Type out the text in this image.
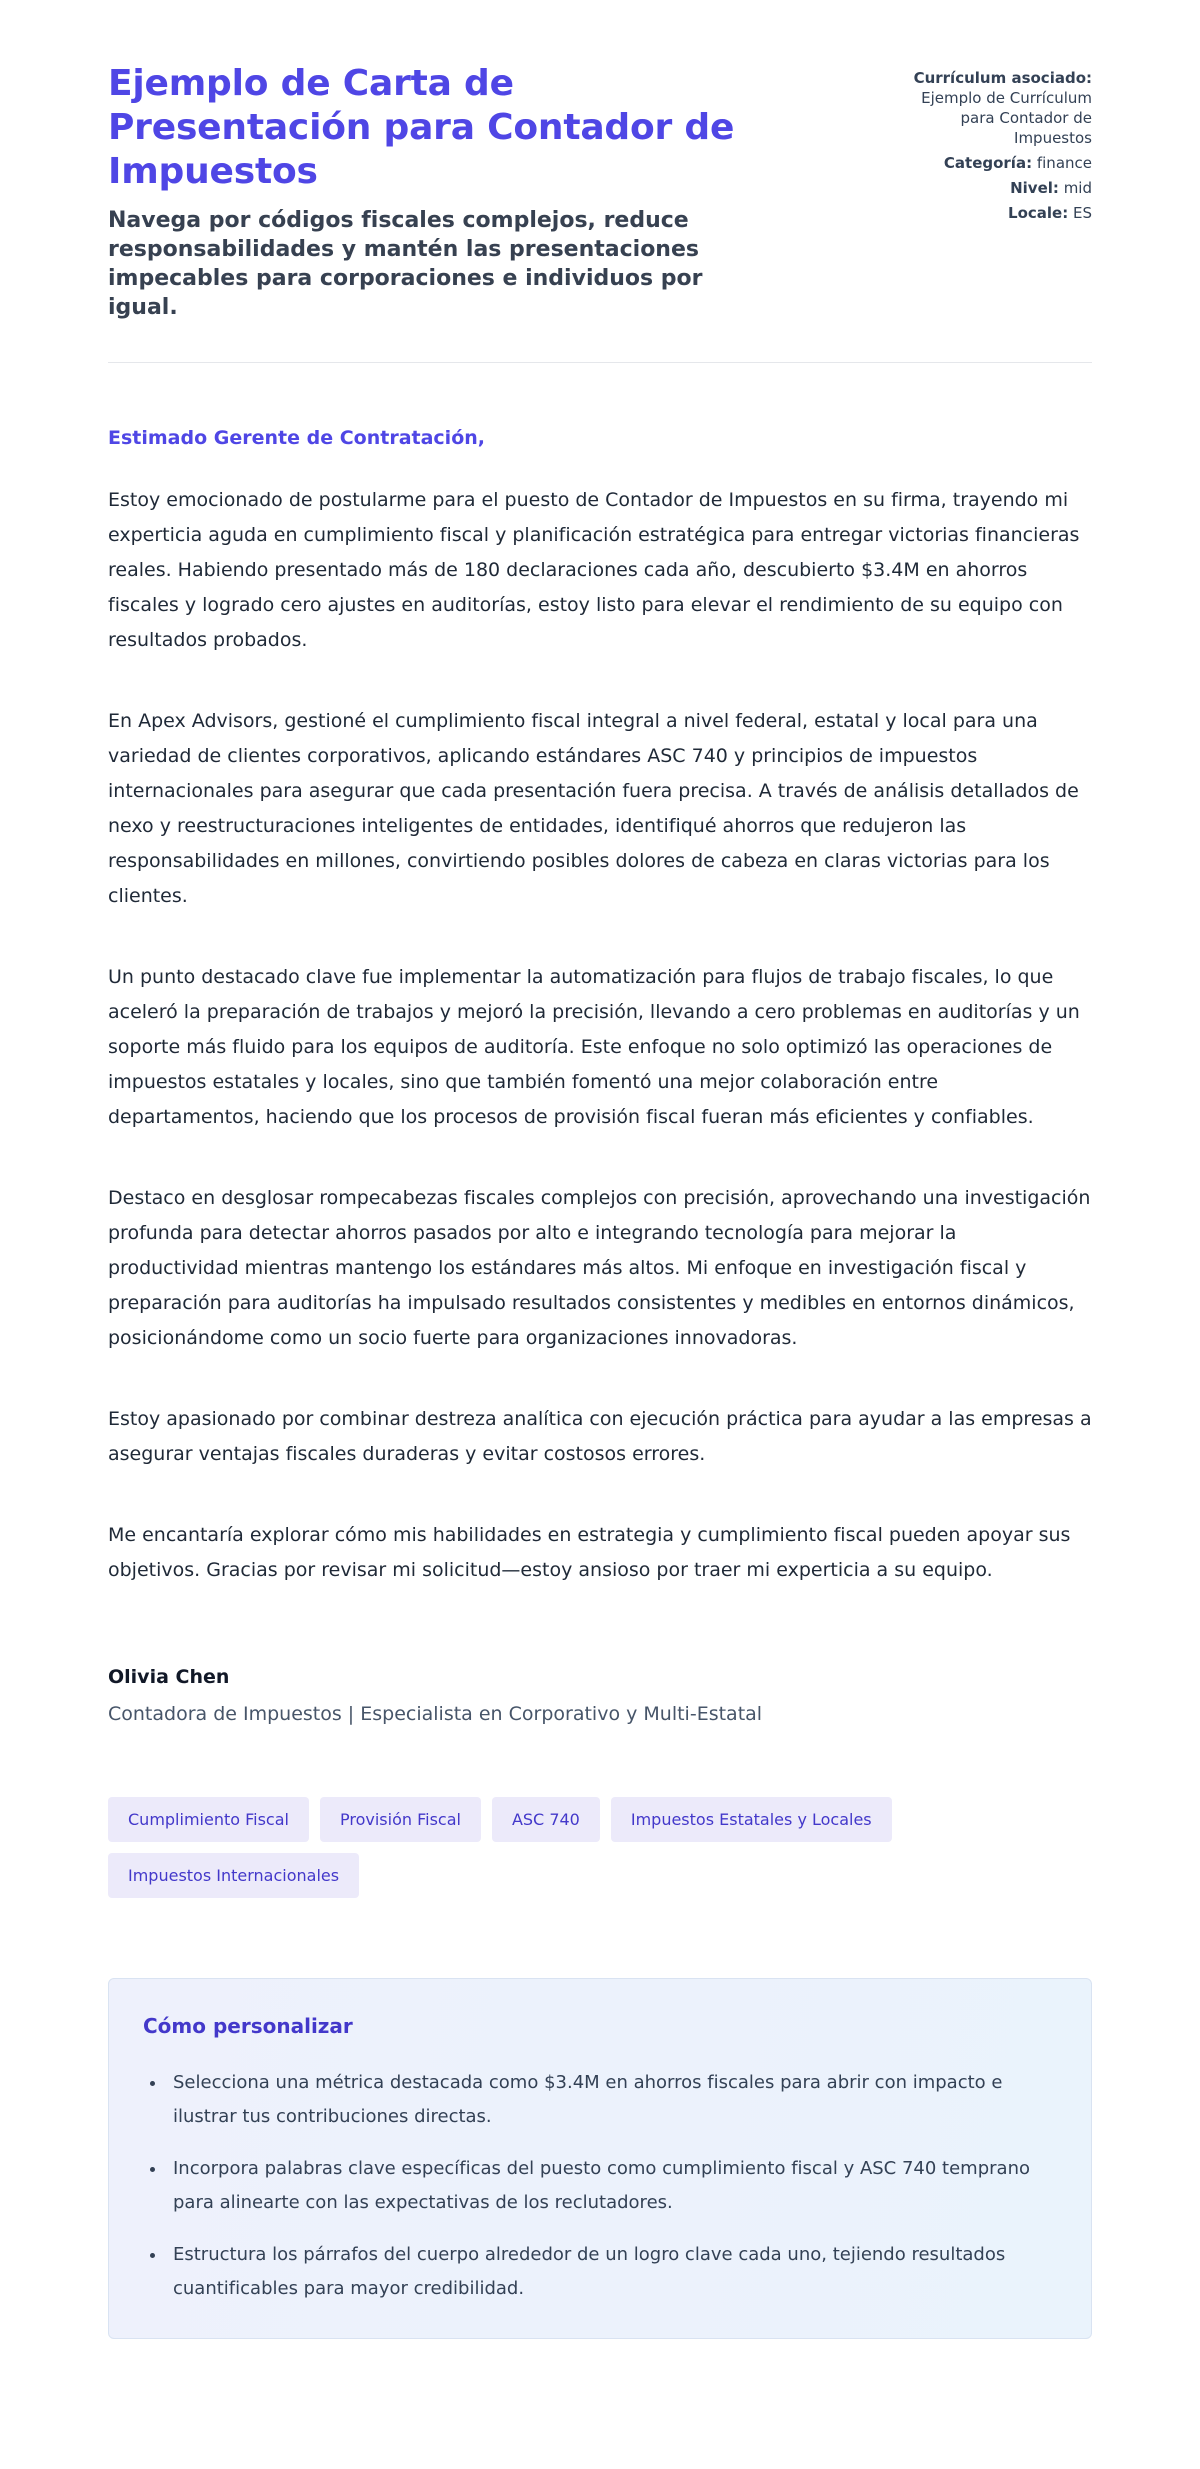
Ejemplo de Carta de Presentación para Contador de Impuestos

Navega por códigos fiscales complejos, reduce responsabilidades y mantén las presentaciones impecables para corporaciones e individuos por igual.

Currículum asociado:
Ejemplo de Currículum para Contador de Impuestos
Categoría: finance
Nivel: mid
Locale: ES

Estimado Gerente de Contratación,

Estoy emocionado de postularme para el puesto de Contador de Impuestos en su firma, trayendo mi experticia aguda en cumplimiento fiscal y planificación estratégica para entregar victorias financieras reales. Habiendo presentado más de 180 declaraciones cada año, descubierto $3.4M en ahorros fiscales y logrado cero ajustes en auditorías, estoy listo para elevar el rendimiento de su equipo con resultados probados.

En Apex Advisors, gestioné el cumplimiento fiscal integral a nivel federal, estatal y local para una variedad de clientes corporativos, aplicando estándares ASC 740 y principios de impuestos internacionales para asegurar que cada presentación fuera precisa. A través de análisis detallados de nexo y reestructuraciones inteligentes de entidades, identifiqué ahorros que redujeron las responsabilidades en millones, convirtiendo posibles dolores de cabeza en claras victorias para los clientes.

Un punto destacado clave fue implementar la automatización para flujos de trabajo fiscales, lo que aceleró la preparación de trabajos y mejoró la precisión, llevando a cero problemas en auditorías y un soporte más fluido para los equipos de auditoría. Este enfoque no solo optimizó las operaciones de impuestos estatales y locales, sino que también fomentó una mejor colaboración entre departamentos, haciendo que los procesos de provisión fiscal fueran más eficientes y confiables.

Destaco en desglosar rompecabezas fiscales complejos con precisión, aprovechando una investigación profunda para detectar ahorros pasados por alto e integrando tecnología para mejorar la productividad mientras mantengo los estándares más altos. Mi enfoque en investigación fiscal y preparación para auditorías ha impulsado resultados consistentes y medibles en entornos dinámicos, posicionándome como un socio fuerte para organizaciones innovadoras.

Estoy apasionado por combinar destreza analítica con ejecución práctica para ayudar a las empresas a asegurar ventajas fiscales duraderas y evitar costosos errores.

Me encantaría explorar cómo mis habilidades en estrategia y cumplimiento fiscal pueden apoyar sus objetivos. Gracias por revisar mi solicitud—estoy ansioso por traer mi experticia a su equipo.

Olivia Chen

Contadora de Impuestos | Especialista en Corporativo y Multi-Estatal

Cumplimiento Fiscal	Provisión Fiscal	ASC 740	Impuestos Estatales y Locales
Impuestos Internacionales
Cómo personalizar
• Selecciona una métrica destacada como $3.4M en ahorros fiscales para abrir con impacto e ilustrar tus contribuciones directas.
• Incorpora palabras clave específicas del puesto como cumplimiento fiscal y ASC 740 temprano para alinearte con las expectativas de los reclutadores.
• Estructura los párrafos del cuerpo alrededor de un logro clave cada uno, tejiendo resultados cuantificables para mayor credibilidad.
